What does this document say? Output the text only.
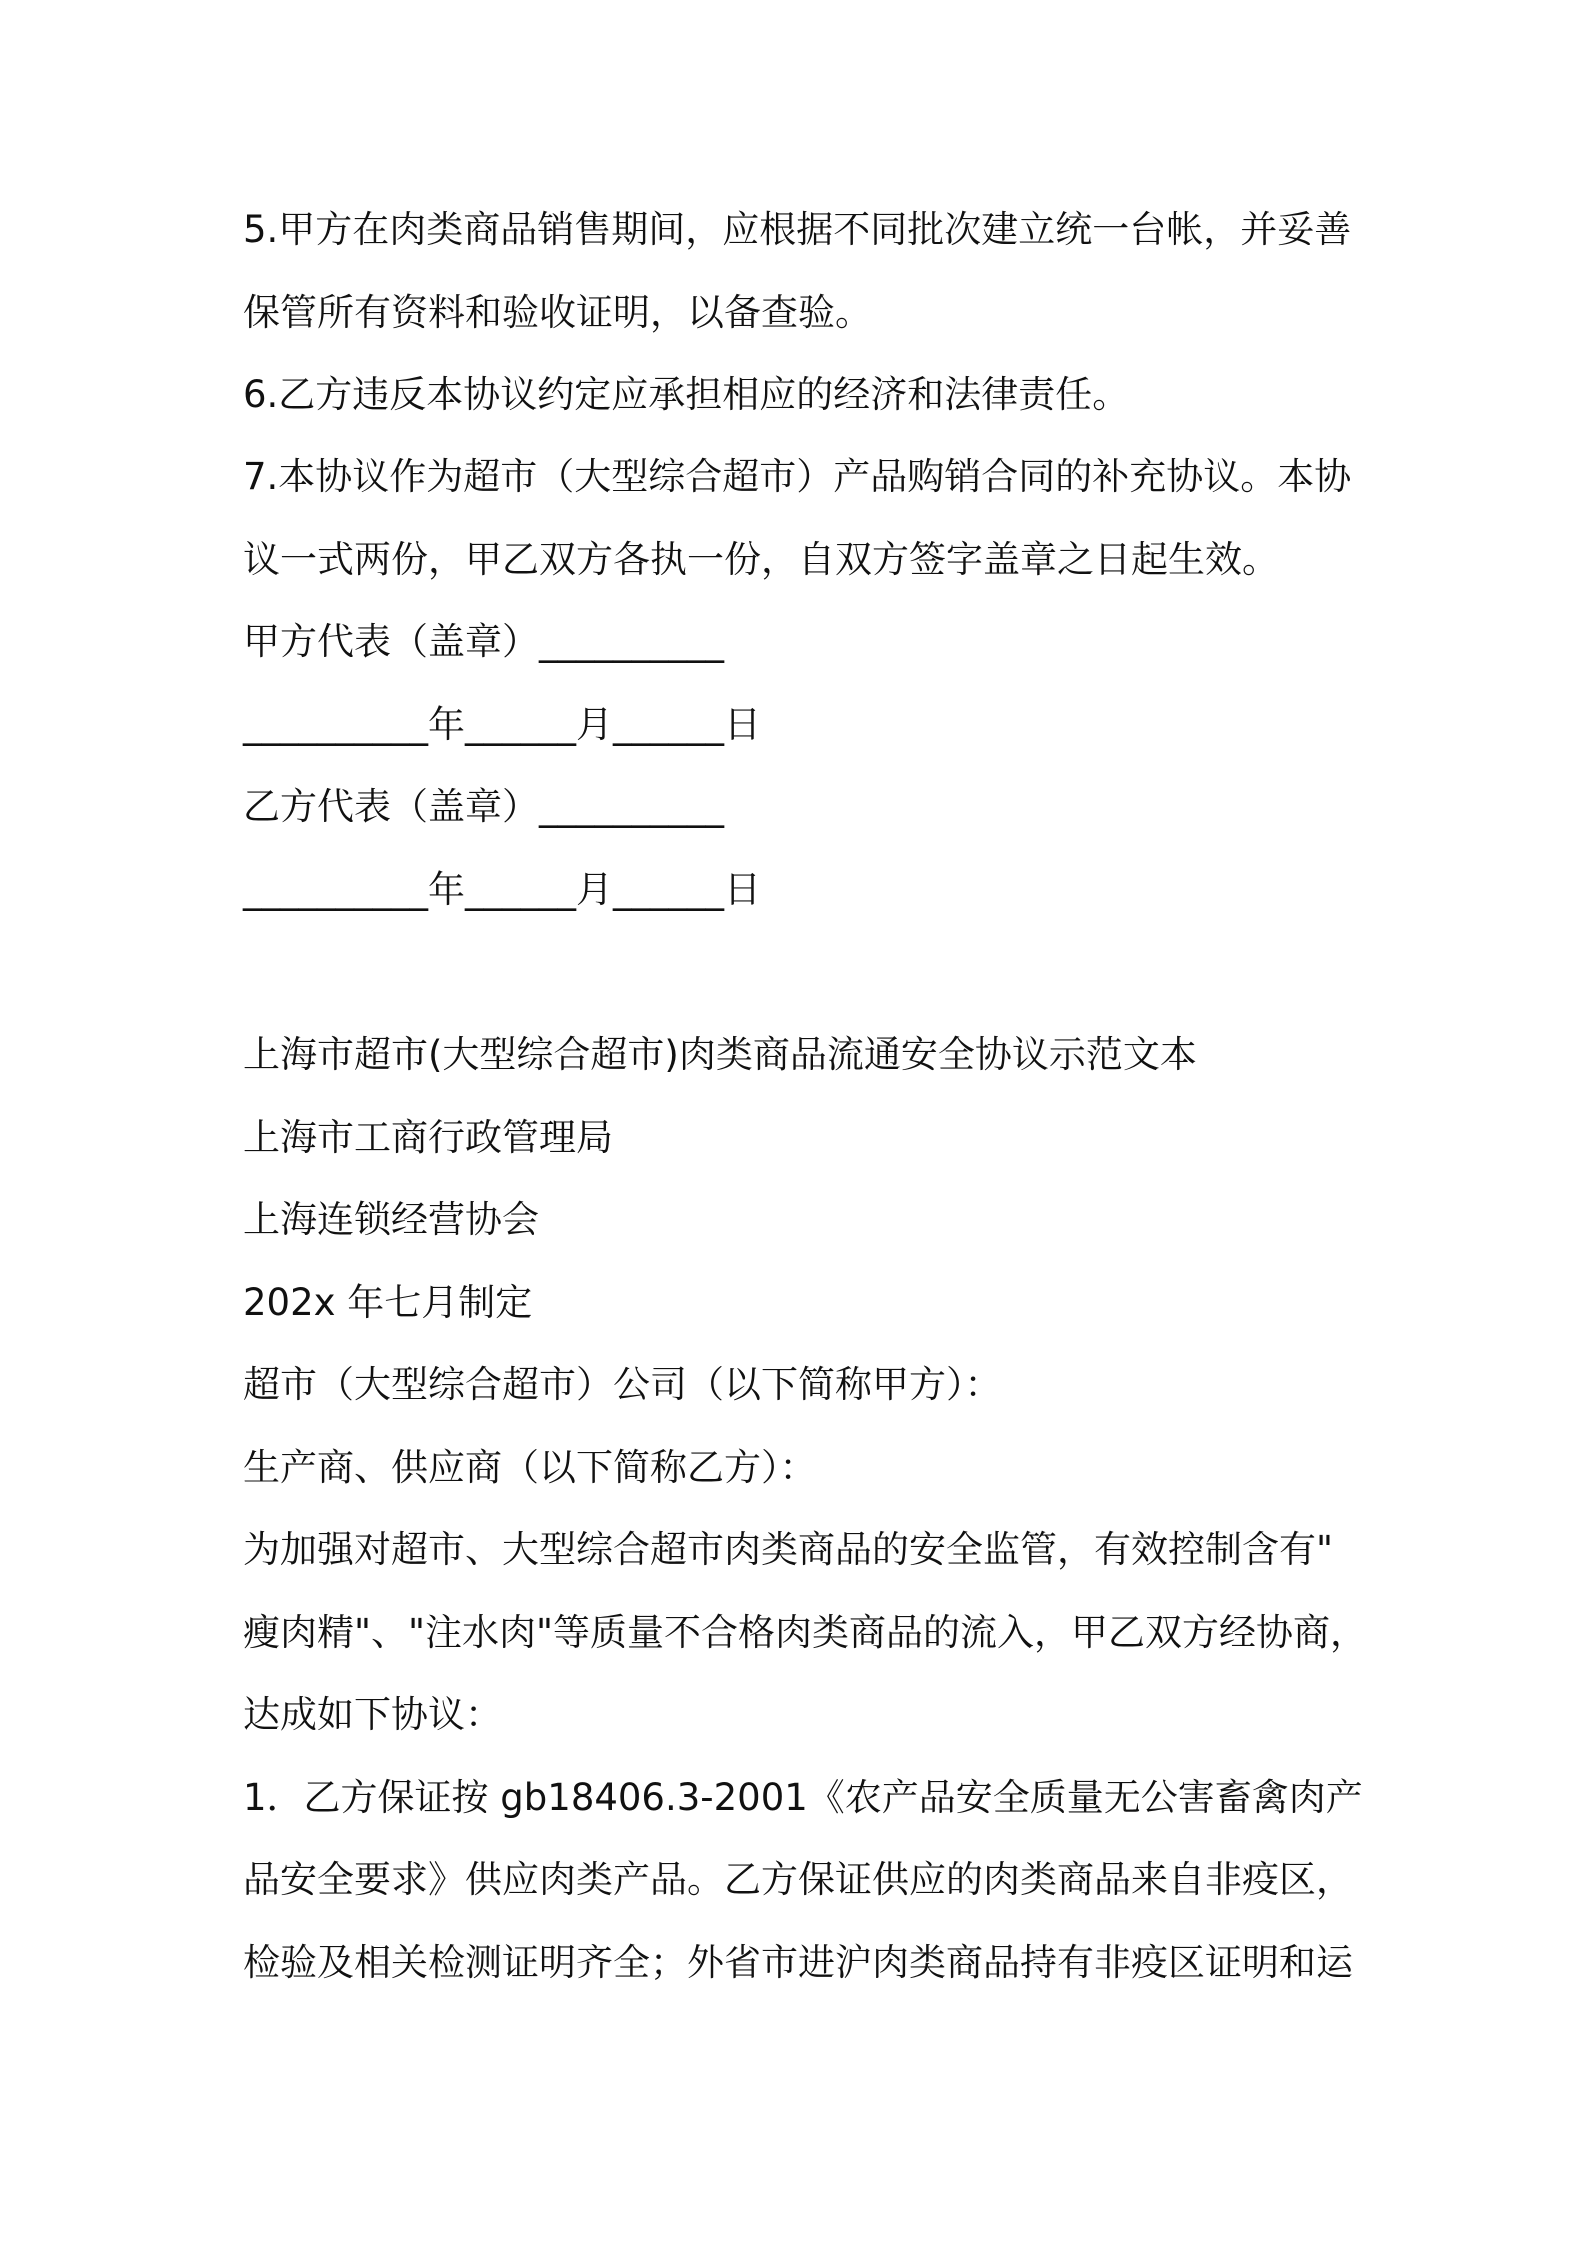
5.甲方在肉类商品销售期间，应根据不同批次建立统一台帐，并妥善
保管所有资料和验收证明，以备查验。
6.乙方违反本协议约定应承担相应的经济和法律责任。
7.本协议作为超市（大型综合超市）产品购销合同的补充协议。本协
议一式两份，甲乙双方各执一份，自双方签字盖章之日起生效。
甲方代表（盖章）__________
__________年______月______日
乙方代表（盖章）__________
__________年______月______日
上海市超市(大型综合超市)肉类商品流通安全协议示范文本
上海市工商行政管理局
上海连锁经营协会
202x 年七月制定
超市（大型综合超市）公司（以下简称甲方）：
生产商、供应商（以下简称乙方）：
为加强对超市、大型综合超市肉类商品的安全监管，有效控制含有"
瘦肉精"、"注水肉"等质量不合格肉类商品的流入，甲乙双方经协商，
达成如下协议：
1．乙方保证按 gb18406.3-2001《农产品安全质量无公害畜禽肉产
品安全要求》供应肉类产品。乙方保证供应的肉类商品来自非疫区，
检验及相关检测证明齐全；外省市进沪肉类商品持有非疫区证明和运
